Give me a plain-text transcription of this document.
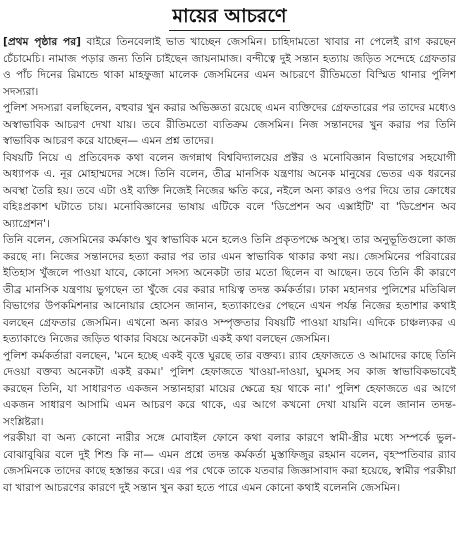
মায়ের আচরণে

[প্রথম পৃষ্ঠার পর] বাইরে তিনবেলাই ভাত খাচ্ছেন জেসমিন। চাহিদামতো খাবার না পেলেই রাগ করছেন চেঁচামেচি। নামাজ পড়ার জন্য তিনি চাইছেন জায়নামাজ। বন্দীত্বে দুই সন্তান হত্যায় জড়িত সন্দেহে গ্রেফতার ও পাঁচ দিনের রিমান্ডে থাকা মাহফুজা মালেক জেসমিনের এমন আচরণে রীতিমতো বিস্মিত থানার পুলিশ সদস্যরা।

পুলিশ সদস্যরা বলছিলেন, বহুবার খুন করার অভিজ্ঞতা রয়েছে এমন ব্যক্তিদের গ্রেফতারের পর তাদের মধ্যেও অস্বাভাবিক আচরণ দেখা যায়। তবে রীতিমতো ব্যতিক্রম জেসমিন। নিজ সন্তানদের খুন করার পর তিনি স্বাভাবিক আচরণ করে যাচ্ছেন— এমন প্রশ্ন তাদের।

বিষয়টি নিয়ে এ প্রতিবেদক কথা বলেন জগন্নাথ বিশ্ববিদ্যালয়ের প্রক্টর ও মনোবিজ্ঞান বিভাগের সহযোগী অধ্যাপক এ. নূর মোহাম্মদের সঙ্গে। তিনি বলেন, তীব্র মানসিক যন্ত্রণায় অনেক মানুষের ভেতর এক ধরনের অবস্থা তৈরি হয়। তবে এটা ওই ব্যক্তি নিজেই নিজের ক্ষতি করে, নইলে অন্য কারও ওপর দিয়ে তার ক্রোধের বহিঃপ্রকাশ ঘটাতে চায়। মনোবিজ্ঞানের ভাষায় এটিকে বলে 'ডিপ্রেশন অব এক্সাইটি' বা 'ডিপ্রেশন অব অ্যাগ্রেশন'।

তিনি বলেন, জেসমিনের কর্মকাণ্ড খুব স্বাভাবিক মনে হলেও তিনি প্রকৃতপক্ষে অসুস্থ। তার অনুভূতিগুলো কাজ করছে না। নিজের সন্তানদের হত্যা করার পর তার এমন স্বাভাবিক থাকার কথা নয়। জেসমিনের পরিবারের ইতিহাস খুঁজলে পাওয়া যাবে, কোনো সদস্য অনেকটা তার মতো ছিলেন বা আছেন। তবে তিনি কী কারণে তীব্র মানসিক যন্ত্রণায় ভুগছেন তা খুঁজে বের করার দায়িত্ব তদন্ত কর্মকর্তার। ঢাকা মহানগর পুলিশের মতিঝিল বিভাগের উপকমিশনার আনোয়ার হোসেন জানান, হত্যাকাণ্ডের পেছনে এখন পর্যন্ত নিজের হতাশার কথাই বলছেন গ্রেফতার জেসমিন। এখনো অন্য কারও সম্পৃক্ততার বিষয়টি পাওয়া যায়নি। এদিকে চাঞ্চল্যকর এ হত্যাকাণ্ডে নিজের জড়িত থাকার বিষয়ে অনেকটা একই কথা বলছেন জেসমিন।

পুলিশ কর্মকর্তারা বলছেন, 'মনে হচ্ছে একই বৃত্তে ঘুরছে তার বক্তব্য। র‍্যাব হেফাজতে ও আমাদের কাছে তিনি দেওয়া বক্তব্য অনেকটা একই রকম।' পুলিশ হেফাজতে খাওয়া-দাওয়া, ঘুমসহ সব কাজ স্বাভাবিকভাবেই করছেন তিনি, যা সাধারণত একজন সন্তানহারা মায়ের ক্ষেত্রে হয় থাকে না।' পুলিশ হেফাজতে এর আগে একজন সাধারণ আসামি এমন আচরণ করে থাকে, এর আগে কখনো দেখা যায়নি বলে জানান তদন্ত-সংশ্লিষ্টরা।

পরকীয়া বা অন্য কোনো নারীর সঙ্গে মোবাইল ফোনে কথা বলার কারণে স্বামী-স্ত্রীর মধ্যে সম্পর্কে ভুল-বোঝাবুঝির বলে দুই শিশু কি না— এমন প্রশ্নে তদন্ত কর্মকর্তা মুস্তাফিজুর রহমান বলেন, বৃহস্পতিবার র‍্যাব জেসমিনকে তাদের কাছে হস্তান্তর করে। এর পর থেকে তাকে যতবার জিজ্ঞাসাবাদ করা হয়েছে, স্বামীর পরকীয়া বা খারাপ আচরণের কারণে দুই সন্তান খুন করা হতে পারে এমন কোনো কথাই বলেননি জেসমিন।
